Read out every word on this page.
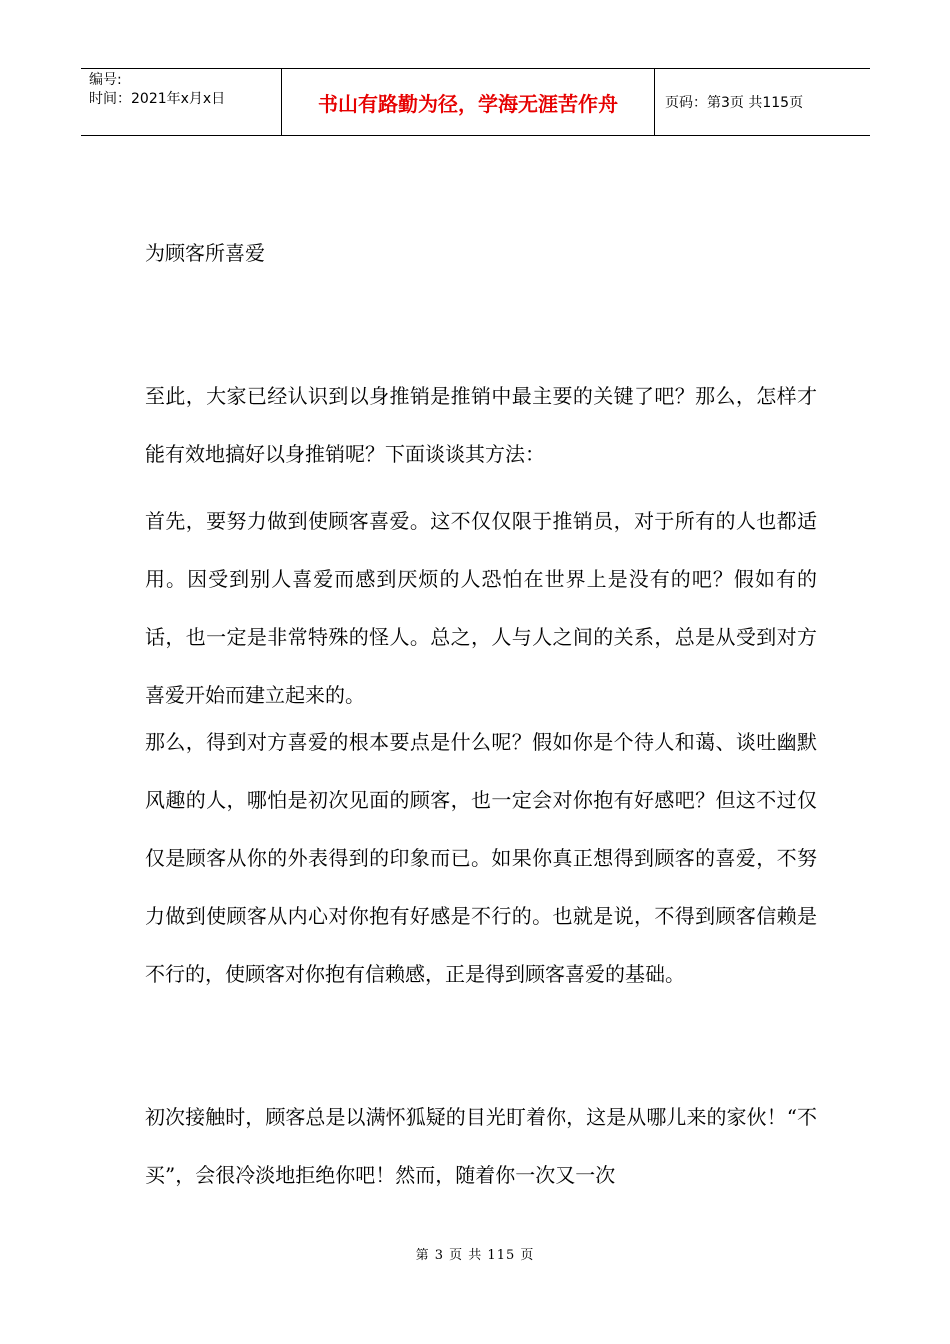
编号:
时间：2021年x月x日	书山有路勤为径，学海无涯苦作舟	页码：第3页 共115页
为顾客所喜爱
至此，大家已经认识到以身推销是推销中最主要的关键了吧？那么，怎样才能有效地搞好以身推销呢？下面谈谈其方法：
首先，要努力做到使顾客喜爱。这不仅仅限于推销员，对于所有的人也都适用。因受到别人喜爱而感到厌烦的人恐怕在世界上是没有的吧？假如有的话，也一定是非常特殊的怪人。总之，人与人之间的关系，总是从受到对方喜爱开始而建立起来的。
那么，得到对方喜爱的根本要点是什么呢？假如你是个待人和蔼、谈吐幽默风趣的人，哪怕是初次见面的顾客，也一定会对你抱有好感吧？但这不过仅仅是顾客从你的外表得到的印象而已。如果你真正想得到顾客的喜爱，不努力做到使顾客从内心对你抱有好感是不行的。也就是说，不得到顾客信赖是不行的，使顾客对你抱有信赖感，正是得到顾客喜爱的基础。
初次接触时，顾客总是以满怀狐疑的目光盯着你，这是从哪儿来的家伙！“不买”，会很冷淡地拒绝你吧！然而，随着你一次又一次
第 3 页 共 115 页
